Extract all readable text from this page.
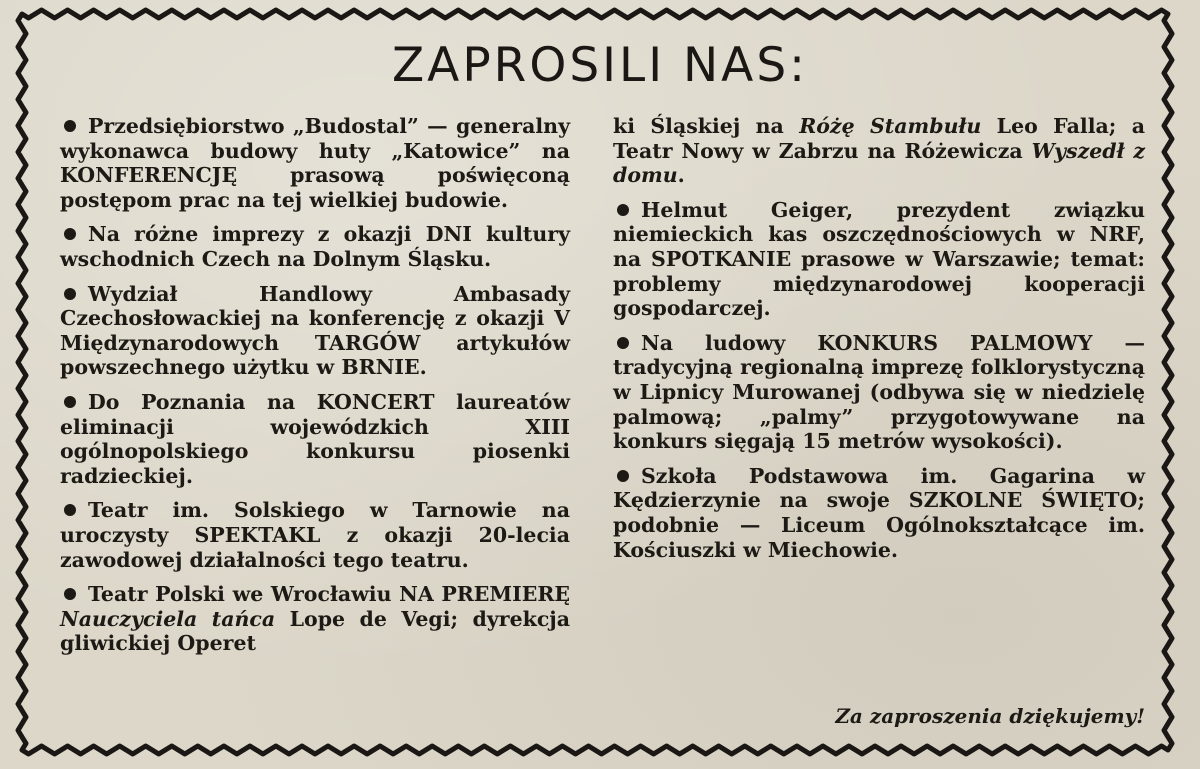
ZAPROSILI NAS:

Przedsiębiorstwo „Budostal” — generalny wykonawca budowy huty „Katowice” na KONFERENCJĘ prasową poświęconą postępom prac na tej wielkiej budowie.

Na różne imprezy z okazji DNI kultury wschodnich Czech na Dolnym Śląsku.

Wydział Handlowy Ambasady Czechosłowackiej na konferencję z okazji V Międzynarodowych TARGÓW artykułów powszechnego użytku w BRNIE.

Do Poznania na KONCERT laureatów eliminacji wojewódzkich XIII ogólnopolskiego konkursu piosenki radzieckiej.

Teatr im. Solskiego w Tarnowie na uroczysty SPEKTAKL z okazji 20-lecia zawodowej działalności tego teatru.

Teatr Polski we Wrocławiu NA PREMIERĘ Nauczyciela tańca Lope de Vegi; dyrekcja gliwickiej Operet

ki Śląskiej na Różę Stambułu Leo Falla; a Teatr Nowy w Zabrzu na Różewicza Wyszedł z domu.

Helmut Geiger, prezydent związku niemieckich kas oszczędnościowych w NRF, na SPOTKANIE prasowe w Warszawie; temat: problemy międzynarodowej kooperacji gospodarczej.

Na ludowy KONKURS PALMOWY — tradycyjną regionalną imprezę folklorystyczną w Lipnicy Murowanej (odbywa się w niedzielę palmową; „palmy” przygotowywane na konkurs sięgają 15 metrów wysokości).

Szkoła Podstawowa im. Gagarina w Kędzierzynie na swoje SZKOLNE ŚWIĘTO; podobnie — Liceum Ogólnokształcące im. Kościuszki w Miechowie.

Za zaproszenia dziękujemy!
